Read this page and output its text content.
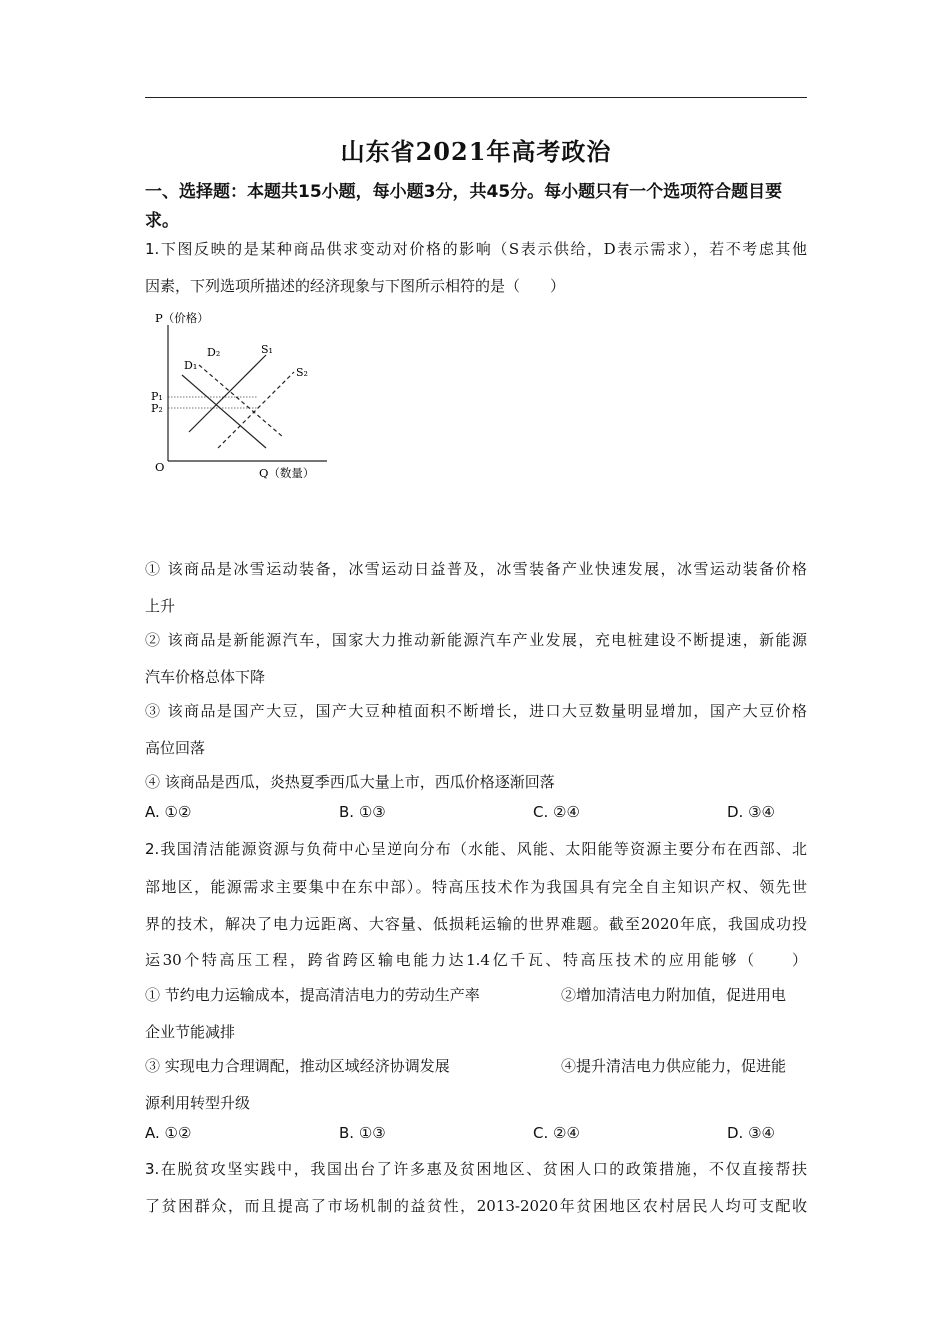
山东省2021年高考政治
一、选择题：本题共15小题，每小题3分，共45分。每小题只有一个选项符合题目要求。
1.下图反映的是某种商品供求变动对价格的影响（S表示供给，D表示需求），若不考虑其他
因素，下列选项所描述的经济现象与下图所示相符的是（　　）
P（价格）
Q（数量）
O
P₁
P₂
D₁
D₂	S₁
S₂
① 该商品是冰雪运动装备，冰雪运动日益普及，冰雪装备产业快速发展，冰雪运动装备价格
上升
② 该商品是新能源汽车，国家大力推动新能源汽车产业发展，充电桩建设不断提速，新能源
汽车价格总体下降
③ 该商品是国产大豆，国产大豆种植面积不断增长，进口大豆数量明显增加，国产大豆价格
高位回落
④ 该商品是西瓜，炎热夏季西瓜大量上市，西瓜价格逐渐回落
A. ①②	B. ①③	C. ②④	D. ③④
2.我国清洁能源资源与负荷中心呈逆向分布（水能、风能、太阳能等资源主要分布在西部、北
部地区，能源需求主要集中在东中部）。特高压技术作为我国具有完全自主知识产权、领先世
界的技术，解决了电力远距离、大容量、低损耗运输的世界难题。截至2020年底，我国成功投
运30个特高压工程，跨省跨区输电能力达1.4亿千瓦、特高压技术的应用能够（　　）
① 节约电力运输成本，提高清洁电力的劳动生产率	②增加清洁电力附加值，促进用电
企业节能减排
③ 实现电力合理调配，推动区域经济协调发展	④提升清洁电力供应能力，促进能
源利用转型升级
A. ①②	B. ①③	C. ②④	D. ③④
3.在脱贫攻坚实践中，我国出台了许多惠及贫困地区、贫困人口的政策措施，不仅直接帮扶
了贫困群众，而且提高了市场机制的益贫性，2013-2020年贫困地区农村居民人均可支配收
